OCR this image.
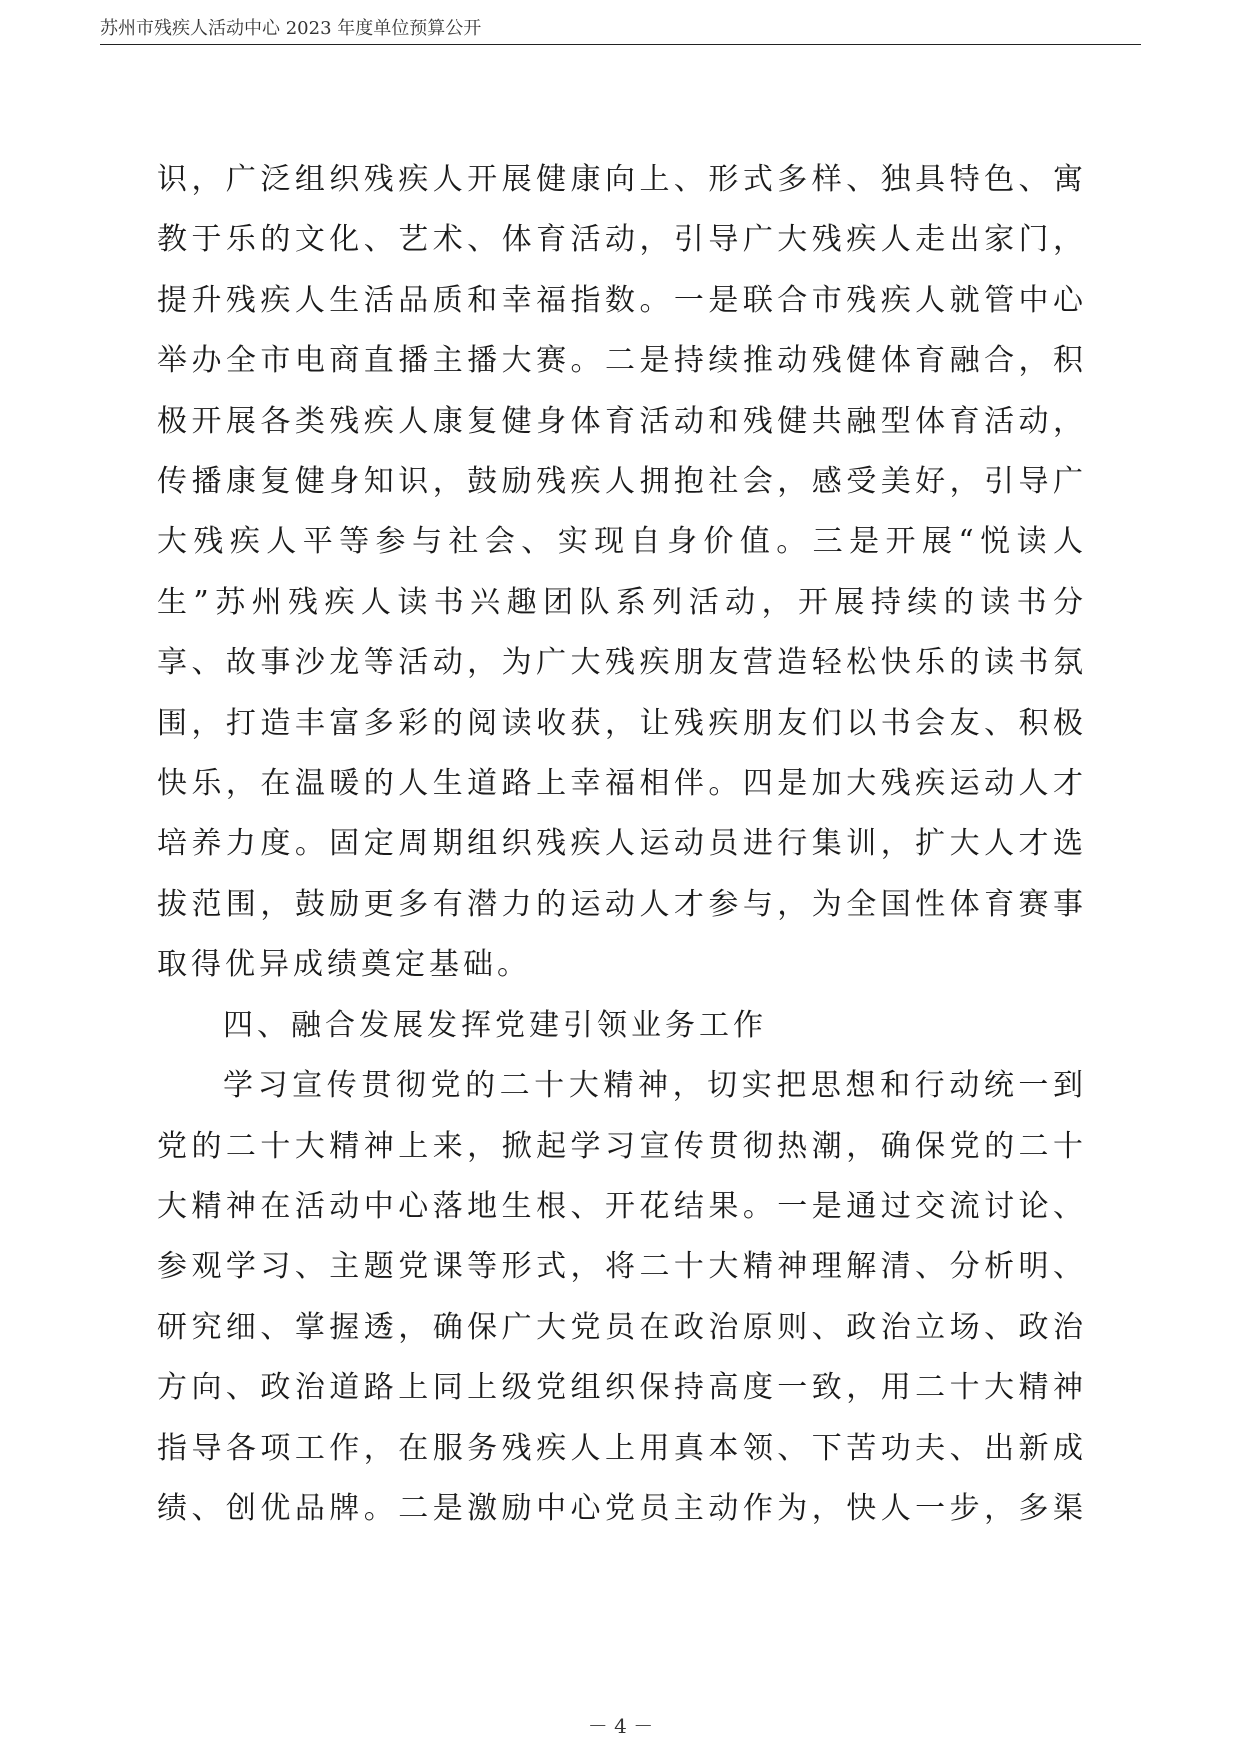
苏州市残疾人活动中心 2023 年度单位预算公开
识，广泛组织残疾人开展健康向上、形式多样、独具特色、寓
教于乐的文化、艺术、体育活动，引导广大残疾人走出家门，
提升残疾人生活品质和幸福指数。一是联合市残疾人就管中心
举办全市电商直播主播大赛。二是持续推动残健体育融合，积
极开展各类残疾人康复健身体育活动和残健共融型体育活动，
传播康复健身知识，鼓励残疾人拥抱社会，感受美好，引导广
大残疾人平等参与社会、实现自身价值。三是开展“悦读人
生”苏州残疾人读书兴趣团队系列活动，开展持续的读书分
享、故事沙龙等活动，为广大残疾朋友营造轻松快乐的读书氛
围，打造丰富多彩的阅读收获，让残疾朋友们以书会友、积极
快乐，在温暖的人生道路上幸福相伴。四是加大残疾运动人才
培养力度。固定周期组织残疾人运动员进行集训，扩大人才选
拔范围，鼓励更多有潜力的运动人才参与，为全国性体育赛事
取得优异成绩奠定基础。
四、融合发展发挥党建引领业务工作
学习宣传贯彻党的二十大精神，切实把思想和行动统一到
党的二十大精神上来，掀起学习宣传贯彻热潮，确保党的二十
大精神在活动中心落地生根、开花结果。一是通过交流讨论、
参观学习、主题党课等形式，将二十大精神理解清、分析明、
研究细、掌握透，确保广大党员在政治原则、政治立场、政治
方向、政治道路上同上级党组织保持高度一致，用二十大精神
指导各项工作，在服务残疾人上用真本领、下苦功夫、出新成
绩、创优品牌。二是激励中心党员主动作为，快人一步，多渠
－ 4 －
